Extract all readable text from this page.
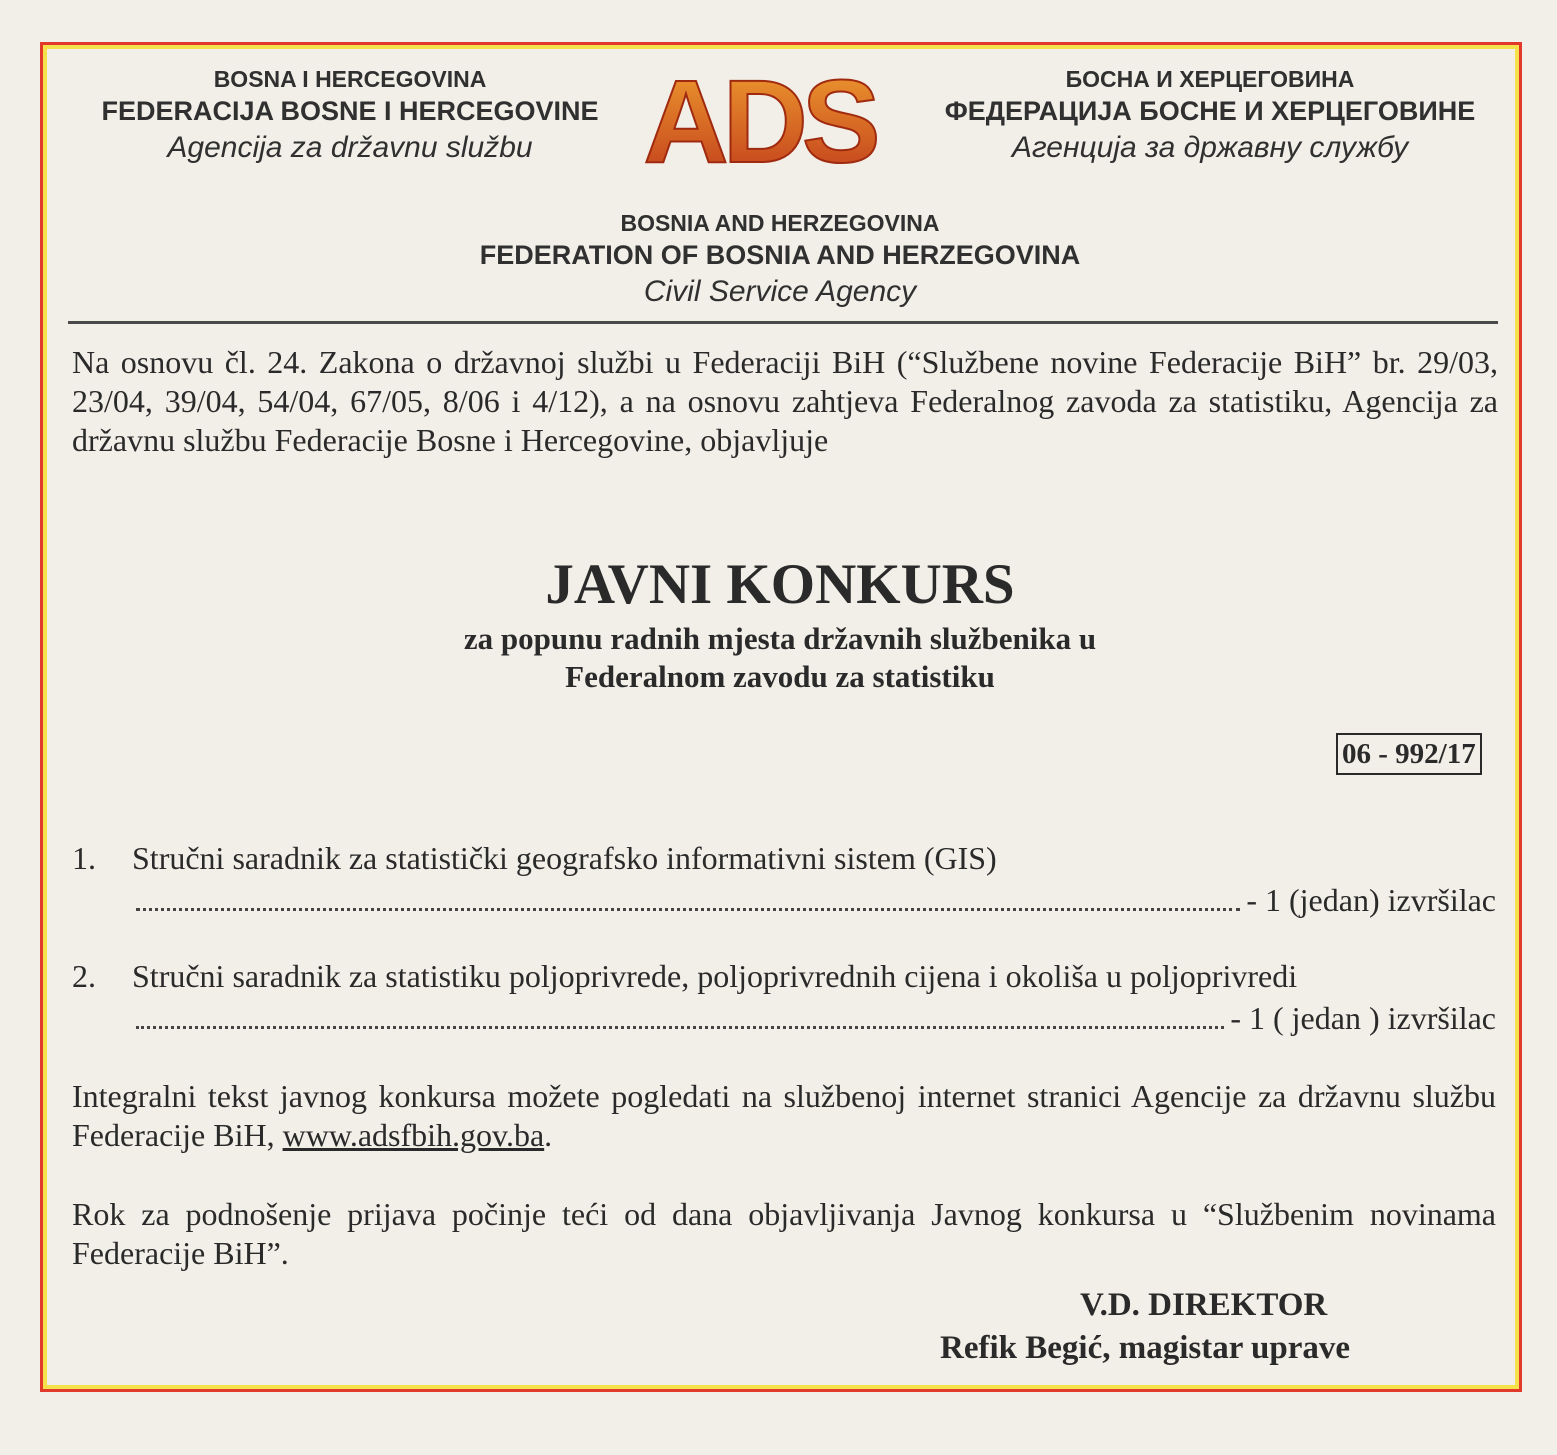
BOSNA I HERCEGOVINA
FEDERACIJA BOSNE I HERCEGOVINE
Agencija za državnu službu ADS	БОСНА И ХЕРЦЕГОВИНА
ФЕДЕРАЦИЈА БОСНЕ И ХЕРЦЕГОВИНЕ
Агенција за државну службу
BOSNIA AND HERZEGOVINA
FEDERATION OF BOSNIA AND HERZEGOVINA
Civil Service Agency
Na osnovu čl. 24. Zakona o državnoj službi u Federaciji BiH (“Službene novine Federacije BiH” br. 29/03, 23/04, 39/04, 54/04, 67/05, 8/06 i 4/12), a na osnovu zahtjeva Federalnog zavoda za statistiku, Agencija za državnu službu Federacije Bosne i Hercegovine, objavljuje
JAVNI KONKURS
za popunu radnih mjesta državnih službenika u
Federalnom zavodu za statistiku
06 - 992/17
1. Stručni saradnik za statistički geografsko informativni sistem (GIS)
- 1 (jedan) izvršilac
2. Stručni saradnik za statistiku poljoprivrede, poljoprivrednih cijena i okoliša u poljoprivredi
- 1 ( jedan ) izvršilac
Integralni tekst javnog konkursa možete pogledati na službenoj internet stranici Agencije za državnu službu Federacije BiH, www.adsfbih.gov.ba.
Rok za podnošenje prijava počinje teći od dana objavljivanja Javnog konkursa u “Službenim novinama Federacije BiH”.
V.D. DIREKTOR
Refik Begić, magistar uprave
